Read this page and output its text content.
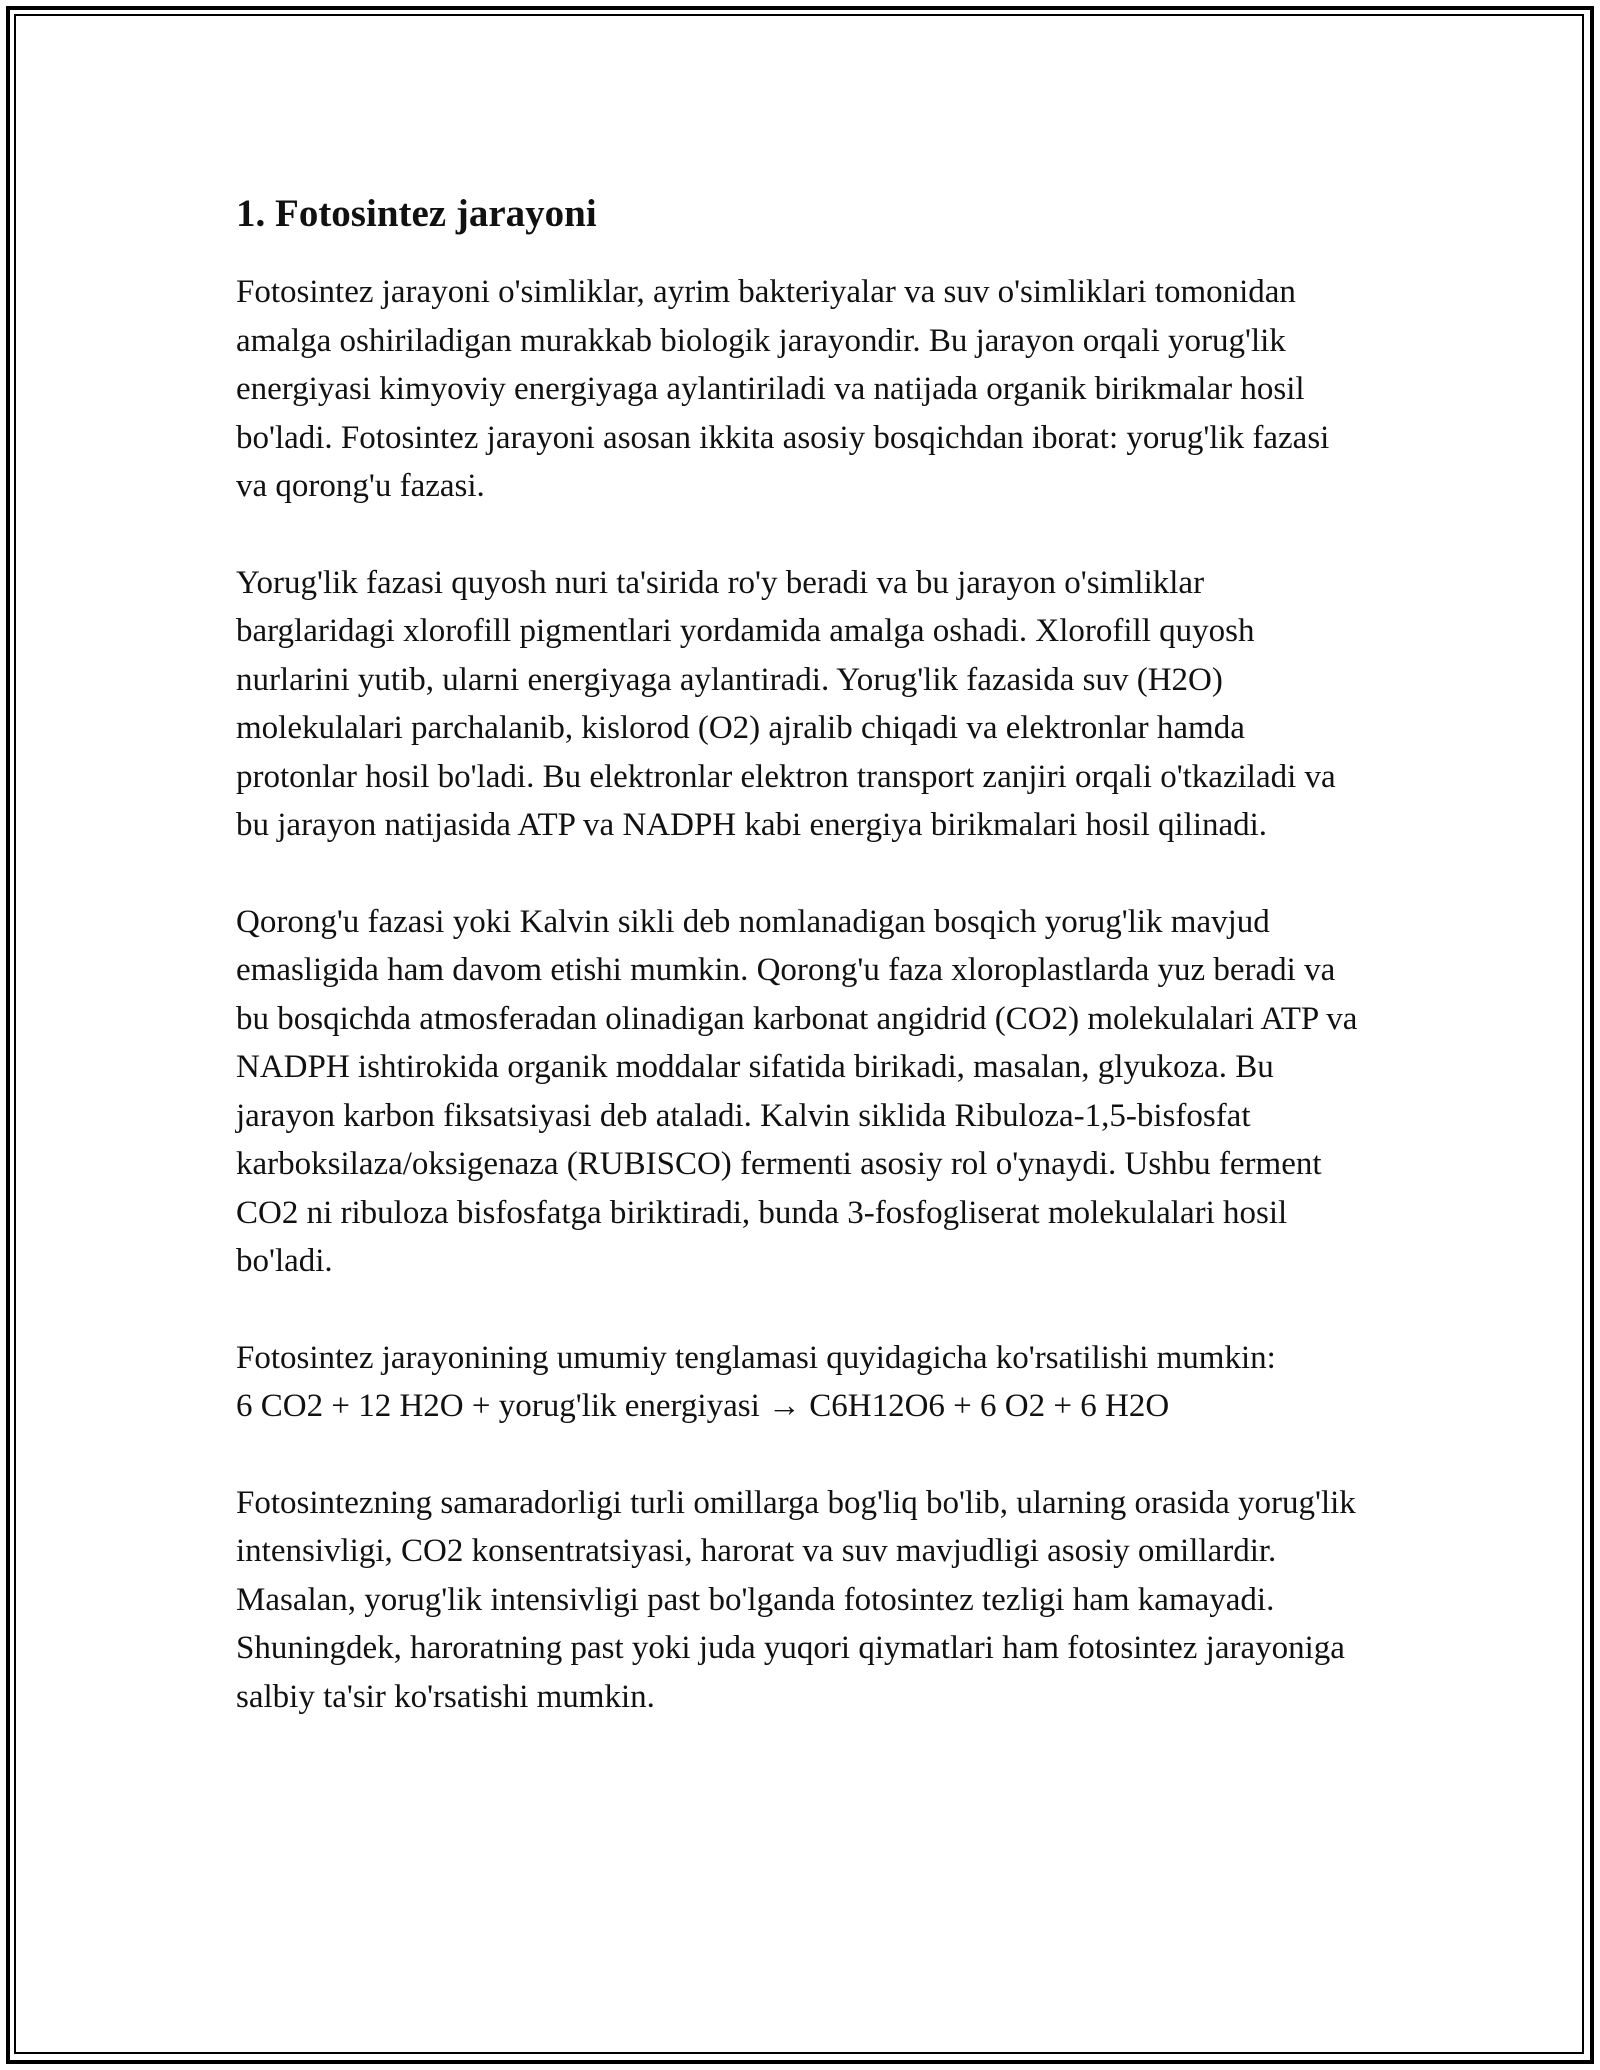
1. Fotosintez jarayoni

Fotosintez jarayoni o'simliklar, ayrim bakteriyalar va suv o'simliklari tomonidan amalga oshiriladigan murakkab biologik jarayondir. Bu jarayon orqali yorug'lik energiyasi kimyoviy energiyaga aylantiriladi va natijada organik birikmalar hosil bo'ladi. Fotosintez jarayoni asosan ikkita asosiy bosqichdan iborat: yorug'lik fazasi va qorong'u fazasi.

Yorug'lik fazasi quyosh nuri ta'sirida ro'y beradi va bu jarayon o'simliklar barglaridagi xlorofill pigmentlari yordamida amalga oshadi. Xlorofill quyosh nurlarini yutib, ularni energiyaga aylantiradi. Yorug'lik fazasida suv (H2O) molekulalari parchalanib, kislorod (O2) ajralib chiqadi va elektronlar hamda protonlar hosil bo'ladi. Bu elektronlar elektron transport zanjiri orqali o'tkaziladi va bu jarayon natijasida ATP va NADPH kabi energiya birikmalari hosil qilinadi.

Qorong'u fazasi yoki Kalvin sikli deb nomlanadigan bosqich yorug'lik mavjud emasligida ham davom etishi mumkin. Qorong'u faza xloroplastlarda yuz beradi va bu bosqichda atmosferadan olinadigan karbonat angidrid (CO2) molekulalari ATP va NADPH ishtirokida organik moddalar sifatida birikadi, masalan, glyukoza. Bu jarayon karbon fiksatsiyasi deb ataladi. Kalvin siklida Ribuloza-1,5-bisfosfat karboksilaza/oksigenaza (RUBISCO) fermenti asosiy rol o'ynaydi. Ushbu ferment CO2 ni ribuloza bisfosfatga biriktiradi, bunda 3-fosfogliserat molekulalari hosil bo'ladi.

Fotosintez jarayonining umumiy tenglamasi quyidagicha ko'rsatilishi mumkin:

6 CO2 + 12 H2O + yorug'lik energiyasi → C6H12O6 + 6 O2 + 6 H2O

Fotosintezning samaradorligi turli omillarga bog'liq bo'lib, ularning orasida yorug'lik intensivligi, CO2 konsentratsiyasi, harorat va suv mavjudligi asosiy omillardir. Masalan, yorug'lik intensivligi past bo'lganda fotosintez tezligi ham kamayadi. Shuningdek, haroratning past yoki juda yuqori qiymatlari ham fotosintez jarayoniga salbiy ta'sir ko'rsatishi mumkin.
